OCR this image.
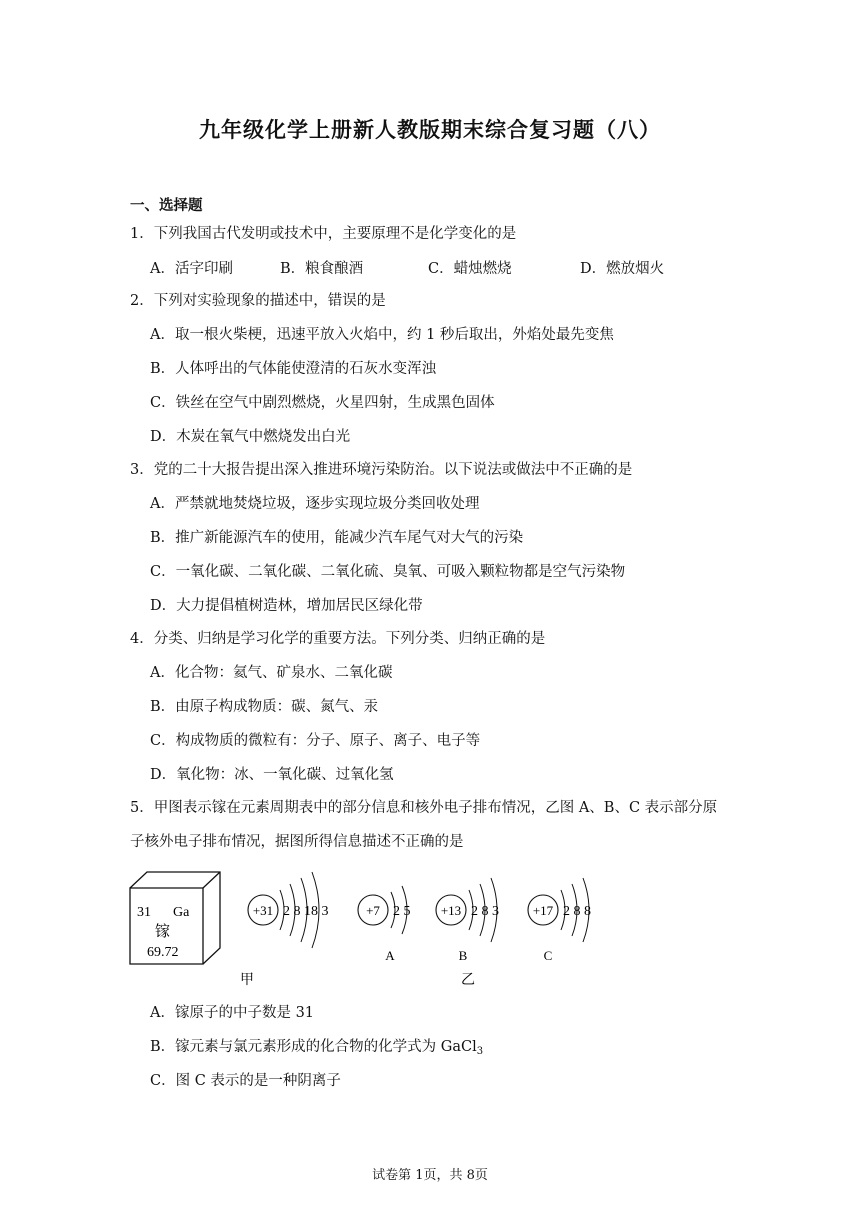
九年级化学上册新人教版期末综合复习题（八）
一、选择题
1．下列我国古代发明或技术中，主要原理不是化学变化的是
A．活字印刷	B．粮食酿酒	C．蜡烛燃烧	D．燃放烟火
2．下列对实验现象的描述中，错误的是
A．取一根火柴梗，迅速平放入火焰中，约 1 秒后取出，外焰处最先变焦
B．人体呼出的气体能使澄清的石灰水变浑浊
C．铁丝在空气中剧烈燃烧，火星四射，生成黑色固体
D．木炭在氧气中燃烧发出白光
3．党的二十大报告提出深入推进环境污染防治。以下说法或做法中不正确的是
A．严禁就地焚烧垃圾，逐步实现垃圾分类回收处理
B．推广新能源汽车的使用，能减少汽车尾气对大气的污染
C．一氧化碳、二氧化碳、二氧化硫、臭氧、可吸入颗粒物都是空气污染物
D．大力提倡植树造林，增加居民区绿化带
4．分类、归纳是学习化学的重要方法。下列分类、归纳正确的是
A．化合物：氦气、矿泉水、二氧化碳
B．由原子构成物质：碳、氮气、汞
C．构成物质的微粒有：分子、原子、离子、电子等
D．氧化物：冰、一氧化碳、过氧化氢
5．甲图表示镓在元素周期表中的部分信息和核外电子排布情况，乙图 A、B、C 表示部分原
子核外电子排布情况，据图所得信息描述不正确的是
31 Ga
镓
69.72
+31 2 8 18 3	+7 2 5
A
+13 2 8 3
B
+17 2 8 8
C
甲	乙
A．镓原子的中子数是 31
B．镓元素与氯元素形成的化合物的化学式为 GaCl$_3$
C．图 C 表示的是一种阴离子
试卷第 1页，共 8页
